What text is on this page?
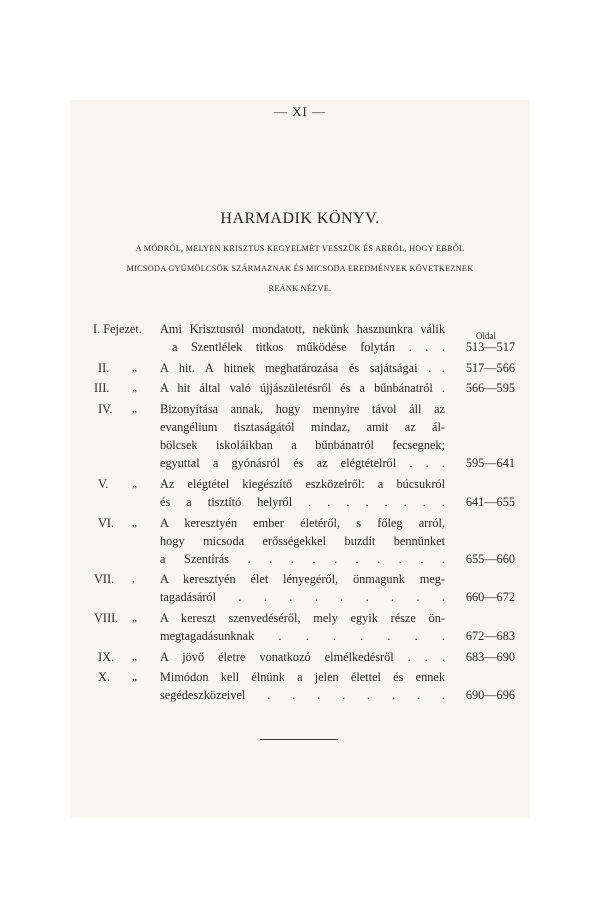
— XI —
HARMADIK KÖNYV.
A MÓDRÓL, MELYEN KRISZTUS KEGYELMÉT VESSZÜK ÉS ARRÓL, HOGY EBBŐL
MICSODA GYÜMÖLCSÖK SZÁRMAZNAK ÉS MICSODA EREDMÉNYEK KÖVETKEZNEK
REÁNK NÉZVE.
Oldal
I. Fejezet. Ami Krisztusról mondatott, nekünk hasznunkra válik
a Szentlélek titkos működése folytán . . .	513—517
II. „ A hit. A hitnek meghatározása és sajátságai . .	517—566
III. „ A hit által való újjászületésről és a bűnbánatról .	566—595
IV. „ Bizonyítása annak, hogy mennyire távol áll az
evangélium tisztaságától mindaz, amit az ál-
bölcsek iskoláikban a bűnbánatról fecsegnek;
egyuttal a gyónásról és az elégtételről . . .	595—641
V. „ Az elégtétel kiegészítő eszközeiről: a búcsukról
és a tisztító helyről . . . . . . . .	641—655
VI. „ A keresztyén ember életéről, s főleg arról,
hogy micsoda erősségekkel buzdít bennünket
a Szentírás . . . . . . . . . .	655—660
VII. , A keresztyén élet lényegéről, önmagunk meg-
tagadásáról . . . . . . . . .	660—672
VIII. „ A kereszt szenvedéséről, mely egyik része ön-
megtagadásunknak . . . . . . .	672—683
IX. „ A jövő életre vonatkozó elmélkedésről . . .	683—690
X. „ Mimódon kell élnünk a jelen élettel és ennek
segédeszközeivel . . . . . . . .	690—696
